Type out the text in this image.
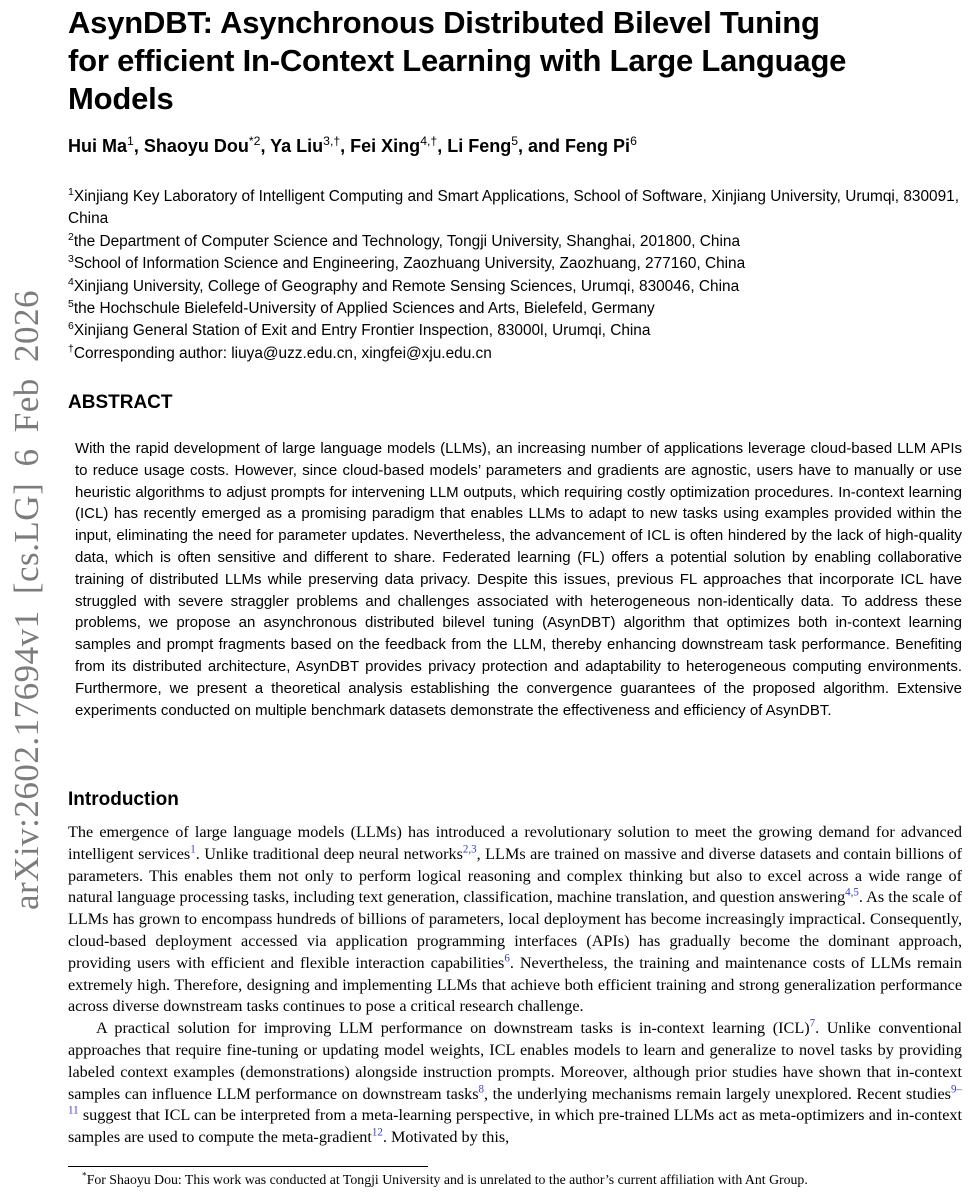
arXiv:2602.17694v1 [cs.LG] 6 Feb 2026
AsynDBT: Asynchronous Distributed Bilevel Tuning
for efficient In-Context Learning with Large Language
Models
Hui Ma$^1$, Shaoyu Dou$^{*2}$, Ya Liu$^{3,\dagger}$, Fei Xing$^{4,\dagger}$, Li Feng$^5$, and Feng Pi$^6$
$^1$Xinjiang Key Laboratory of Intelligent Computing and Smart Applications, School of Software, Xinjiang University, Urumqi, 830091, China
$^2$the Department of Computer Science and Technology, Tongji University, Shanghai, 201800, China
$^3$School of Information Science and Engineering, Zaozhuang University, Zaozhuang, 277160, China
$^4$Xinjiang University, College of Geography and Remote Sensing Sciences, Urumqi, 830046, China
$^5$the Hochschule Bielefeld-University of Applied Sciences and Arts, Bielefeld, Germany
$^6$Xinjiang General Station of Exit and Entry Frontier Inspection, 83000l, Urumqi, China
†Corresponding author: liuya@uzz.edu.cn, xingfei@xju.edu.cn
ABSTRACT

With the rapid development of large language models (LLMs), an increasing number of applications leverage cloud-based LLM APIs to reduce usage costs. However, since cloud-based models’ parameters and gradients are agnostic, users have to manually or use heuristic algorithms to adjust prompts for intervening LLM outputs, which requiring costly optimization procedures. In-context learning (ICL) has recently emerged as a promising paradigm that enables LLMs to adapt to new tasks using examples provided within the input, eliminating the need for parameter updates. Nevertheless, the advancement of ICL is often hindered by the lack of high-quality data, which is often sensitive and different to share. Federated learning (FL) offers a potential solution by enabling collaborative training of distributed LLMs while preserving data privacy. Despite this issues, previous FL approaches that incorporate ICL have struggled with severe straggler problems and challenges associated with heterogeneous non-identically data. To address these problems, we propose an asynchronous distributed bilevel tuning (AsynDBT) algorithm that optimizes both in-context learning samples and prompt fragments based on the feedback from the LLM, thereby enhancing downstream task performance. Benefiting from its distributed architecture, AsynDBT provides privacy protection and adaptability to heterogeneous computing environments. Furthermore, we present a theoretical analysis establishing the convergence guarantees of the proposed algorithm. Extensive experiments conducted on multiple benchmark datasets demonstrate the effectiveness and efficiency of AsynDBT.

Introduction

The emergence of large language models (LLMs) has introduced a revolutionary solution to meet the growing demand for advanced intelligent services$^1$. Unlike traditional deep neural networks$^{2,3}$, LLMs are trained on massive and diverse datasets and contain billions of parameters. This enables them not only to perform logical reasoning and complex thinking but also to excel across a wide range of natural language processing tasks, including text generation, classification, machine translation, and question answering$^{4,5}$. As the scale of LLMs has grown to encompass hundreds of billions of parameters, local deployment has become increasingly impractical. Consequently, cloud-based deployment accessed via application programming interfaces (APIs) has gradually become the dominant approach, providing users with efficient and flexible interaction capabilities$^6$. Nevertheless, the training and maintenance costs of LLMs remain extremely high. Therefore, designing and implementing LLMs that achieve both efficient training and strong generalization performance across diverse downstream tasks continues to pose a critical research challenge.

A practical solution for improving LLM performance on downstream tasks is in-context learning (ICL)$^7$. Unlike conventional approaches that require fine-tuning or updating model weights, ICL enables models to learn and generalize to novel tasks by providing labeled context examples (demonstrations) alongside instruction prompts. Moreover, although prior studies have shown that in-context samples can influence LLM performance on downstream tasks$^8$, the underlying mechanisms remain largely unexplored. Recent studies$^{9-11}$ suggest that ICL can be interpreted from a meta-learning perspective, in which pre-trained LLMs act as meta-optimizers and in-context samples are used to compute the meta-gradient$^{12}$. Motivated by this,

*For Shaoyu Dou: This work was conducted at Tongji University and is unrelated to the author’s current affiliation with Ant Group.
